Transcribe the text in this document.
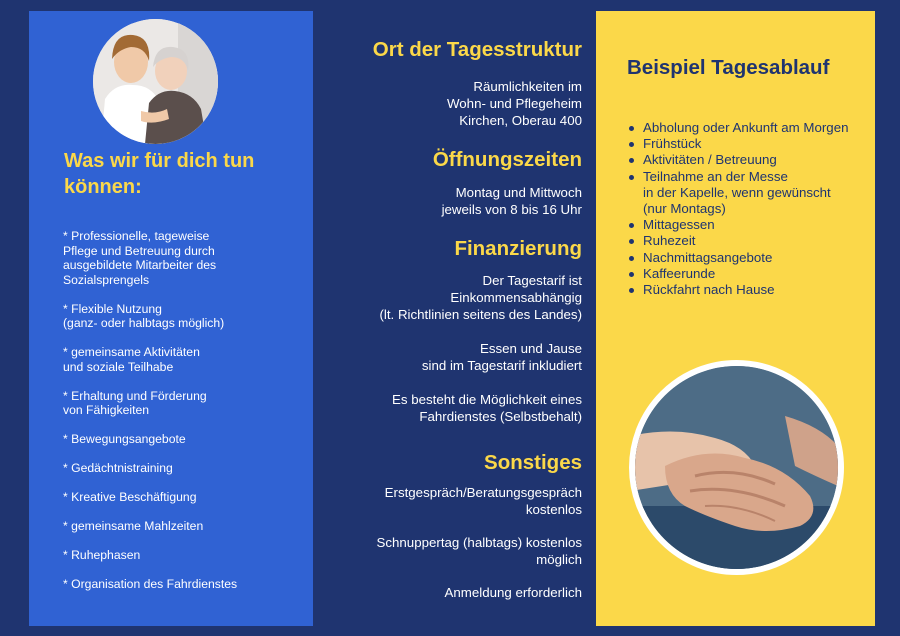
Was wir für dich tun können:
* Professionelle, tageweise
Pflege und Betreuung durch
ausgebildete Mitarbeiter des
Sozialsprengels
* Flexible Nutzung
(ganz- oder halbtags möglich)
* gemeinsame Aktivitäten
und soziale Teilhabe
* Erhaltung und Förderung
von Fähigkeiten
* Bewegungsangebote
* Gedächtnistraining
* Kreative Beschäftigung
* gemeinsame Mahlzeiten
* Ruhephasen
* Organisation des Fahrdienstes
Ort der Tagesstruktur

Räumlichkeiten im
Wohn- und Pflegeheim
Kirchen, Oberau 400

Öffnungszeiten

Montag und Mittwoch
jeweils von 8 bis 16 Uhr

Finanzierung

Der Tagestarif ist
Einkommensabhängig
(lt. Richtlinien seitens des Landes)

Essen und Jause
sind im Tagestarif inkludiert

Es besteht die Möglichkeit eines
Fahrdienstes (Selbstbehalt)

Sonstiges

Erstgespräch/Beratungsgespräch
kostenlos

Schnuppertag (halbtags) kostenlos
möglich

Anmeldung erforderlich

Beispiel Tagesablauf
Abholung oder Ankunft am Morgen
Frühstück
Aktivitäten / Betreuung
Teilnahme an der Messe
in der Kapelle, wenn gewünscht
(nur Montags)
Mittagessen
Ruhezeit
Nachmittagsangebote
Kaffeerunde
Rückfahrt nach Hause
